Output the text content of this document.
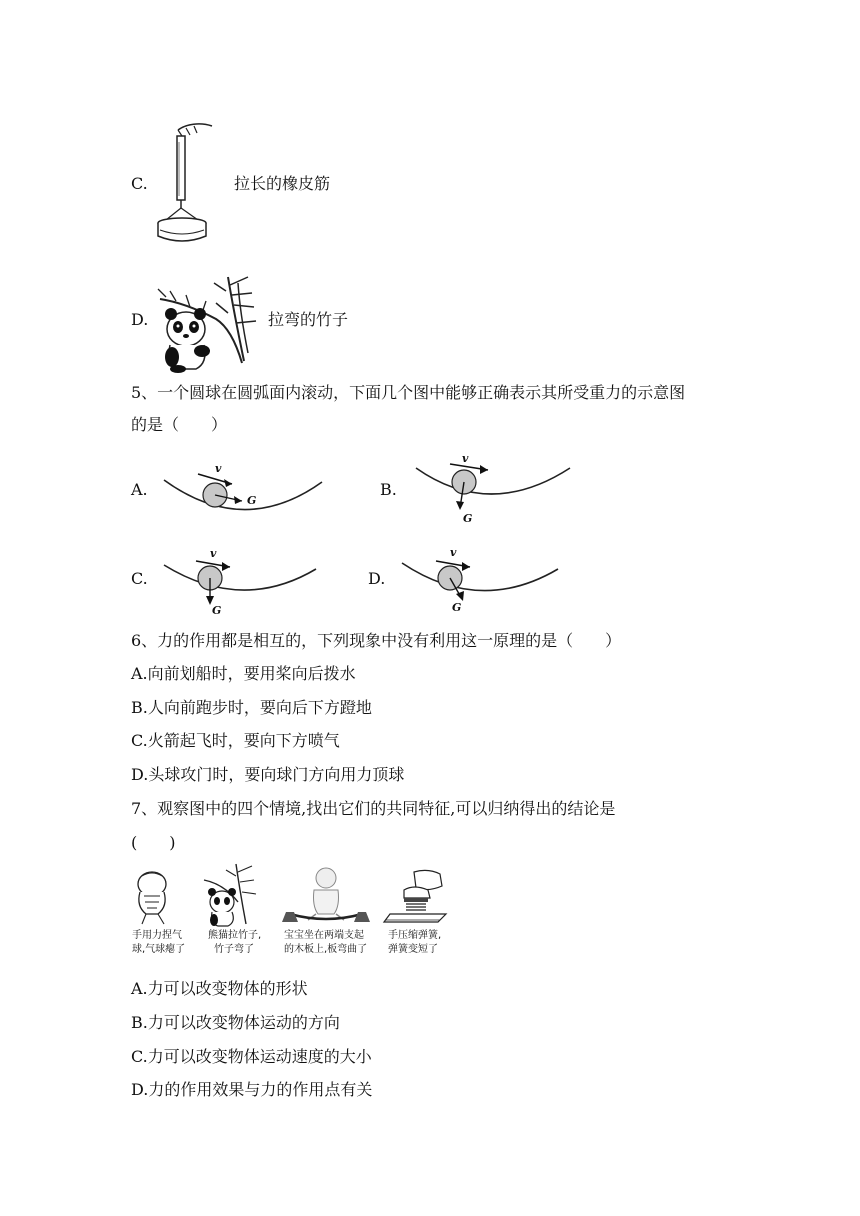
C.	拉长的橡皮筋
D.	拉弯的竹子
5、一个圆球在圆弧面内滚动，下面几个图中能够正确表示其所受重力的示意图
的是（　　）
A.
v
G
B.
v
G
C.
v
G
D.
v
G
6、力的作用都是相互的，下列现象中没有利用这一原理的是（　　）
A.向前划船时，要用桨向后拨水
B.人向前跑步时，要向后下方蹬地
C.火箭起飞时，要向下方喷气
D.头球攻门时，要向球门方向用力顶球
7、观察图中的四个情境,找出它们的共同特征,可以归纳得出的结论是
(　　)
手用力捏气
球,气球瘪了
熊猫拉竹子,
竹子弯了
宝宝坐在两端支起
的木板上,板弯曲了
手压缩弹簧,
弹簧变短了
A.力可以改变物体的形状
B.力可以改变物体运动的方向
C.力可以改变物体运动速度的大小
D.力的作用效果与力的作用点有关
